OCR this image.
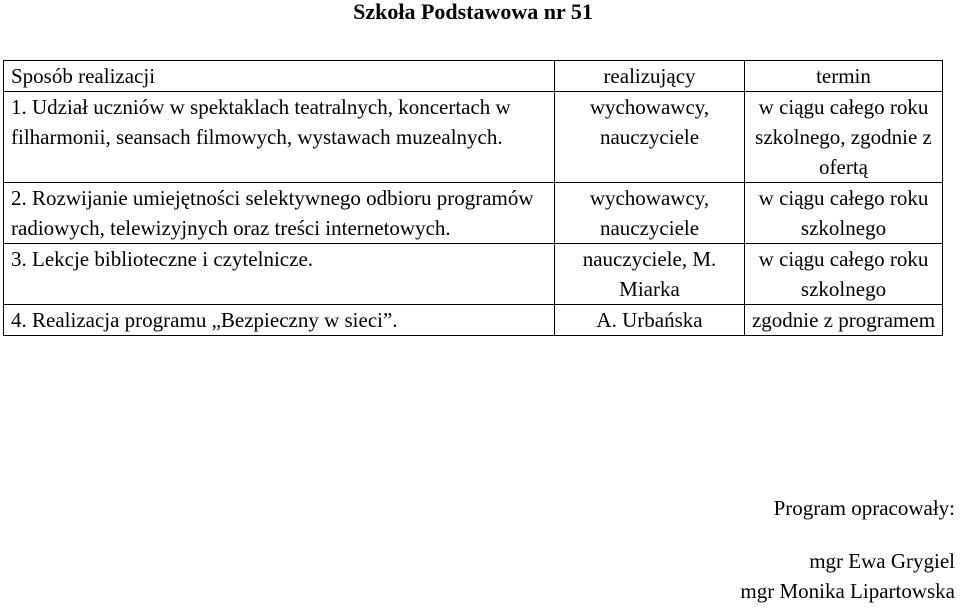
Szkoła Podstawowa nr 51
Sposób realizacji	realizujący	termin
1. Udział uczniów w spektaklach teatralnych, koncertach w filharmonii, seansach filmowych, wystawach muzealnych.	wychowawcy, nauczyciele	w ciągu całego roku szkolnego, zgodnie z ofertą
2. Rozwijanie umiejętności selektywnego odbioru programów radiowych, telewizyjnych oraz treści internetowych.	wychowawcy, nauczyciele	w ciągu całego roku szkolnego
3. Lekcje biblioteczne i czytelnicze.	nauczyciele, M. Miarka	w ciągu całego roku szkolnego
4. Realizacja programu „Bezpieczny w sieci”.	A. Urbańska	zgodnie z programem
Program opracowały:
mgr Ewa Grygiel
mgr Monika Lipartowska
